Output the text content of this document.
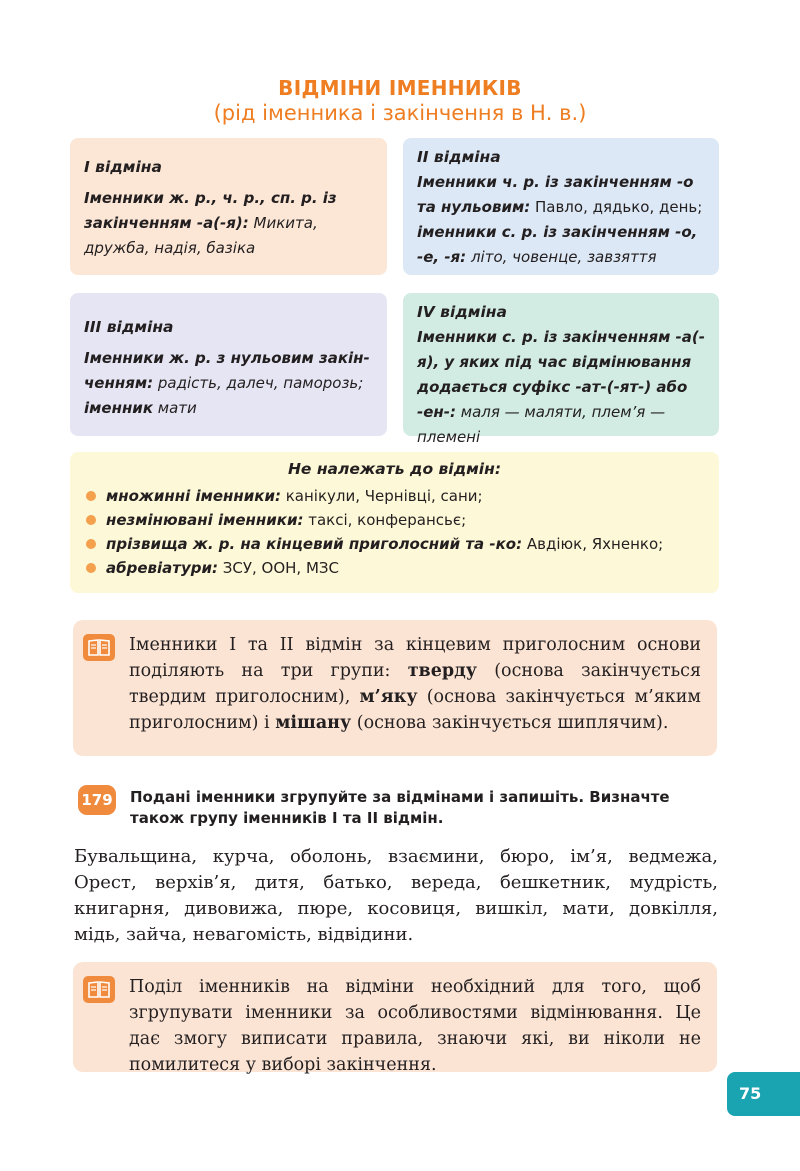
ВІДМІНИ ІМЕННИКІВ
(рід іменника і закінчення в Н. в.)
I відміна
Іменники ж. р., ч. р., сп. р. із закінченням -а(-я): Микита, дружба, надія, базіка
II відміна
Іменники ч. р. із закінченням -о та нульовим: Павло, дядько, день; іменники с. р. із закінченням -о, -е, -я: літо, човенце, завзяття
III відміна
Іменники ж. р. з нульовим закінченням: радість, далеч, паморозь; іменник мати
IV відміна
Іменники с. р. із закінченням -а(-я), у яких під час відмінювання додається суфікс -ат-(-ят-) або -ен-: маля — маляти, плем’я — племені
Не належать до відмін:
множинні іменники: канікули, Чернівці, сани;
незмінювані іменники: таксі, конферансьє;
прізвища ж. р. на кінцевий приголосний та -ко: Авдіюк, Яхненко;
абревіатури: ЗСУ, ООН, МЗС
Іменники I та II відмін за кінцевим приголосним основи поділяють на три групи: тверду (основа закінчується твердим приголосним), м’яку (основа закінчується м’яким приголосним) і мішану (основа закінчується шиплячим).
179 Подані іменники згрупуйте за відмінами і запишіть. Визначте також групу іменників I та II відмін.
Бувальщина, курча, оболонь, взаємини, бюро, ім’я, ведмежа, Орест, верхів’я, дитя, батько, вереда, бешкетник, мудрість, книгарня, дивовижа, пюре, косовиця, вишкіл, мати, довкілля, мідь, зайча, невагомість, відвідини.
Поділ іменників на відміни необхідний для того, щоб згрупувати іменники за особливостями відмінювання. Це дає змогу виписати правила, знаючи які, ви ніколи не помилитеся у виборі закінчення.
75
